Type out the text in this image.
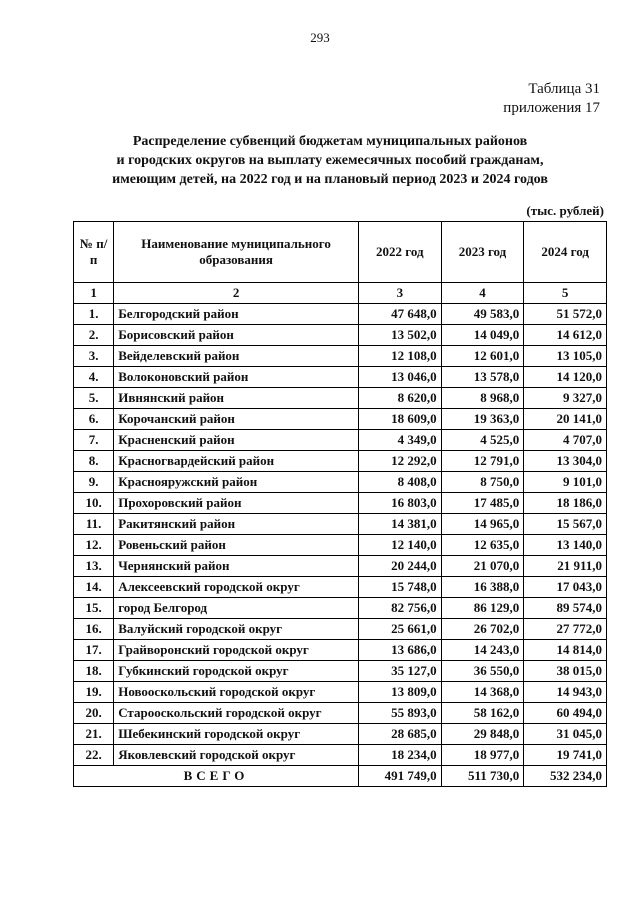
293
Таблица 31
приложения 17
Распределение субвенций бюджетам муниципальных районов
и городских округов на выплату ежемесячных пособий гражданам,
имеющим детей, на 2022 год и на плановый период 2023 и 2024 годов
(тыс. рублей)
№ п/п	Наименование муниципального образования	2022 год	2023 год	2024 год
1	2	3	4	5
1.	Белгородский район	47 648,0	49 583,0	51 572,0
2.	Борисовский район	13 502,0	14 049,0	14 612,0
3.	Вейделевский район	12 108,0	12 601,0	13 105,0
4.	Волоконовский район	13 046,0	13 578,0	14 120,0
5.	Ивнянский район	8 620,0	8 968,0	9 327,0
6.	Корочанский район	18 609,0	19 363,0	20 141,0
7.	Красненский район	4 349,0	4 525,0	4 707,0
8.	Красногвардейский район	12 292,0	12 791,0	13 304,0
9.	Краснояружский район	8 408,0	8 750,0	9 101,0
10.	Прохоровский район	16 803,0	17 485,0	18 186,0
11.	Ракитянский район	14 381,0	14 965,0	15 567,0
12.	Ровеньский район	12 140,0	12 635,0	13 140,0
13.	Чернянский район	20 244,0	21 070,0	21 911,0
14.	Алексеевский городской округ	15 748,0	16 388,0	17 043,0
15.	город Белгород	82 756,0	86 129,0	89 574,0
16.	Валуйский городской округ	25 661,0	26 702,0	27 772,0
17.	Грайворонский городской округ	13 686,0	14 243,0	14 814,0
18.	Губкинский городской округ	35 127,0	36 550,0	38 015,0
19.	Новооскольский городской округ	13 809,0	14 368,0	14 943,0
20.	Старооскольский городской округ	55 893,0	58 162,0	60 494,0
21.	Шебекинский городской округ	28 685,0	29 848,0	31 045,0
22.	Яковлевский городской округ	18 234,0	18 977,0	19 741,0
ВСЕГО		491 749,0	511 730,0	532 234,0
